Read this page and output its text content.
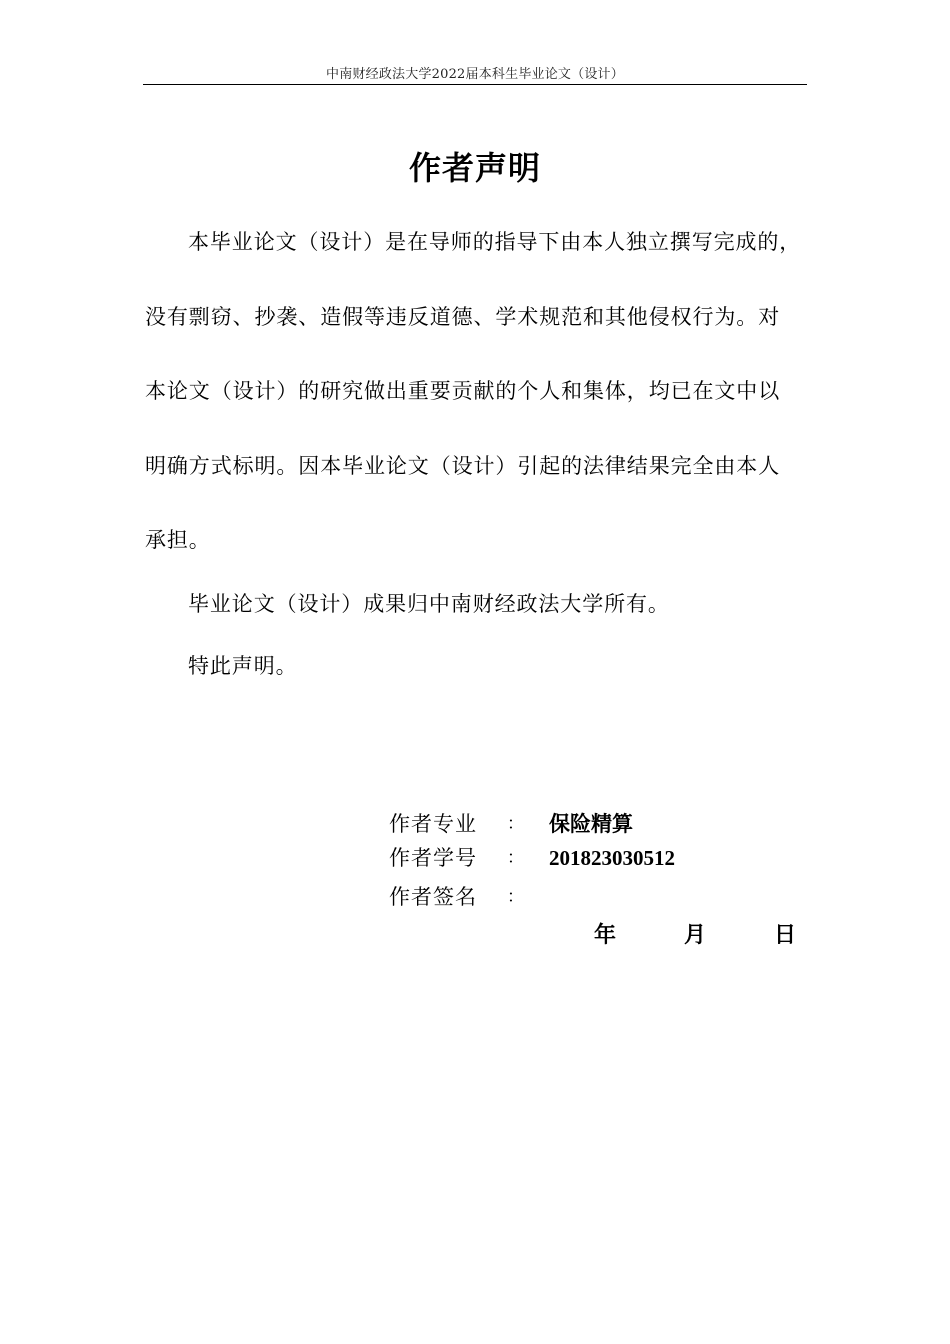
中南财经政法大学2022届本科生毕业论文（设计）
作者声明
本毕业论文（设计）是在导师的指导下由本人独立撰写完成的，
没有剽窃、抄袭、造假等违反道德、学术规范和其他侵权行为。对
本论文（设计）的研究做出重要贡献的个人和集体，均已在文中以
明确方式标明。因本毕业论文（设计）引起的法律结果完全由本人
承担。
毕业论文（设计）成果归中南财经政法大学所有。
特此声明。
作者专业 ： 保险精算
作者学号 ： 201823030512
作者签名 ：
年	月	日
